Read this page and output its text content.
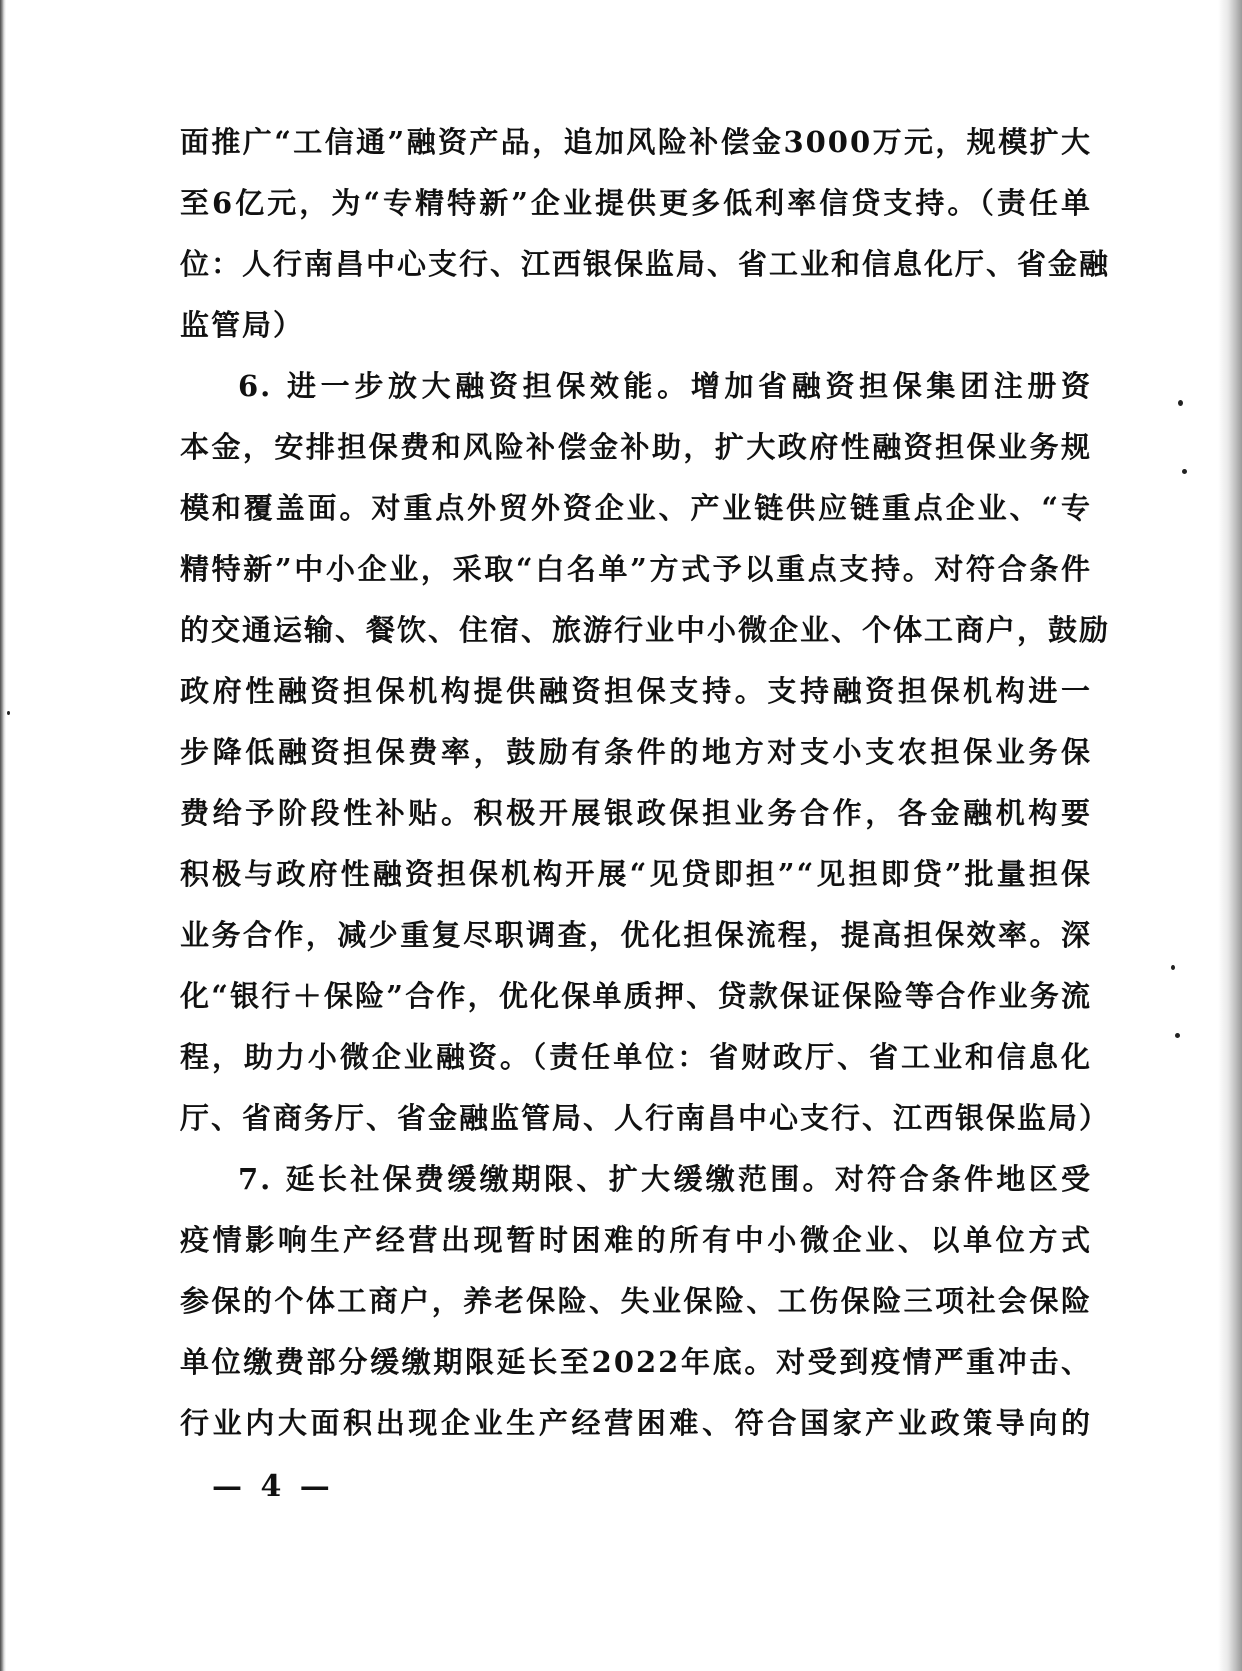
面推广“工信通”融资产品，追加风险补偿金3000万元，规模扩大
至6亿元，为“专精特新”企业提供更多低利率信贷支持。（责任单
位：人行南昌中心支行、江西银保监局、省工业和信息化厅、省金融
监管局）
6. 进一步放大融资担保效能。增加省融资担保集团注册资
本金，安排担保费和风险补偿金补助，扩大政府性融资担保业务规
模和覆盖面。对重点外贸外资企业、产业链供应链重点企业、“专
精特新”中小企业，采取“白名单”方式予以重点支持。对符合条件
的交通运输、餐饮、住宿、旅游行业中小微企业、个体工商户，鼓励
政府性融资担保机构提供融资担保支持。支持融资担保机构进一
步降低融资担保费率，鼓励有条件的地方对支小支农担保业务保
费给予阶段性补贴。积极开展银政保担业务合作，各金融机构要
积极与政府性融资担保机构开展“见贷即担”“见担即贷”批量担保
业务合作，减少重复尽职调查，优化担保流程，提高担保效率。深
化“银行＋保险”合作，优化保单质押、贷款保证保险等合作业务流
程，助力小微企业融资。（责任单位：省财政厅、省工业和信息化
厅、省商务厅、省金融监管局、人行南昌中心支行、江西银保监局）
7. 延长社保费缓缴期限、扩大缓缴范围。对符合条件地区受
疫情影响生产经营出现暂时困难的所有中小微企业、以单位方式
参保的个体工商户，养老保险、失业保险、工伤保险三项社会保险
单位缴费部分缓缴期限延长至2022年底。对受到疫情严重冲击、
行业内大面积出现企业生产经营困难、符合国家产业政策导向的
— 4 —
